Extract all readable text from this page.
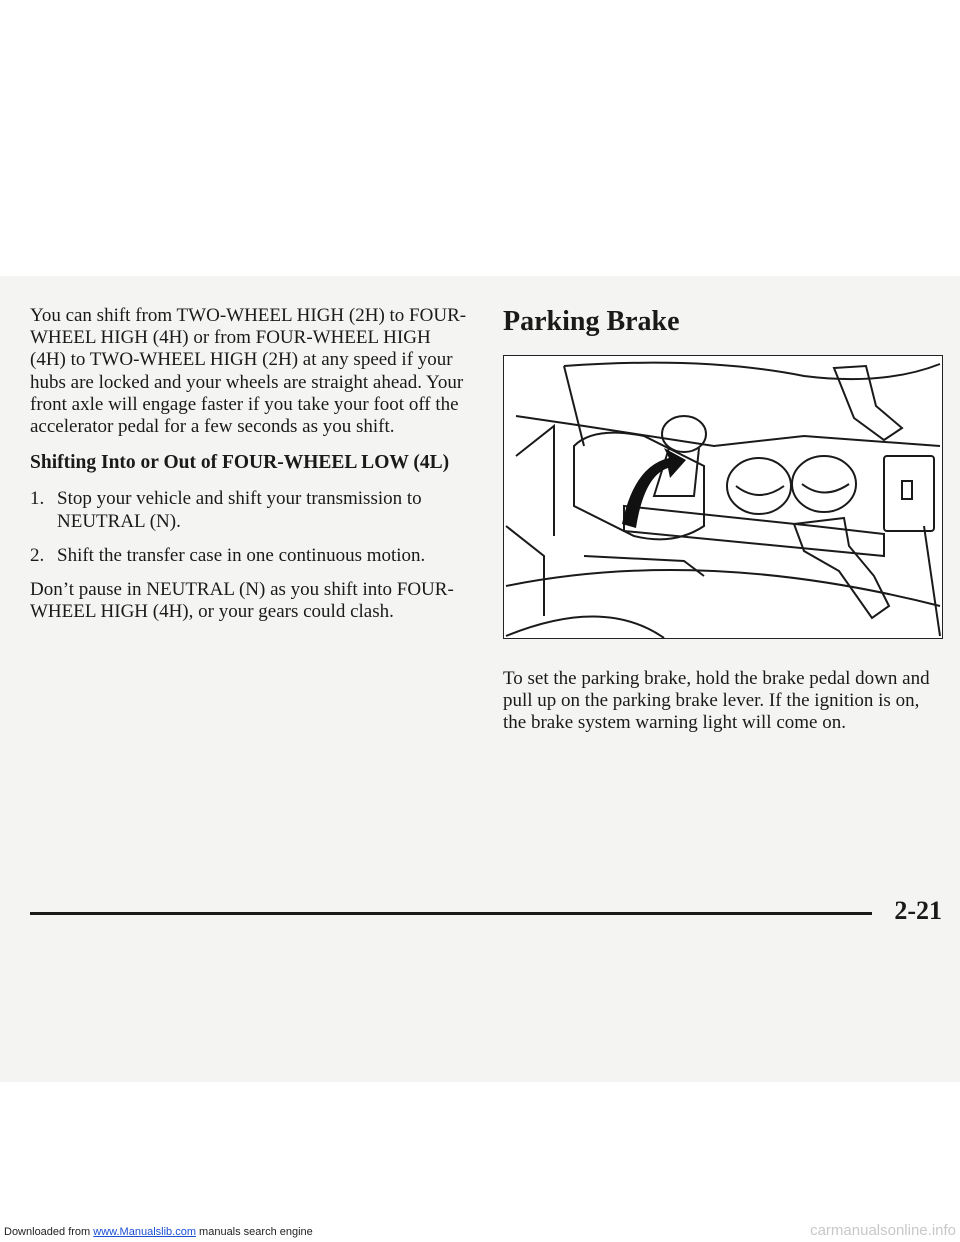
You can shift from TWO-WHEEL HIGH (2H) to FOUR-WHEEL HIGH (4H) or from FOUR-WHEEL HIGH (4H) to TWO-WHEEL HIGH (2H) at any speed if your hubs are locked and your wheels are straight ahead. Your front axle will engage faster if you take your foot off the accelerator pedal for a few seconds as you shift.

Shifting Into or Out of FOUR-WHEEL LOW (4L)
1. Stop your vehicle and shift your transmission to NEUTRAL (N).
2. Shift the transfer case in one continuous motion.

Don’t pause in NEUTRAL (N) as you shift into FOUR-WHEEL HIGH (4H), or your gears could clash.

Parking Brake
To set the parking brake, hold the brake pedal down and pull up on the parking brake lever. If the ignition is on, the brake system warning light will come on.
2-21
Downloaded from www.Manualslib.com manuals search engine	carmanualsonline.info
